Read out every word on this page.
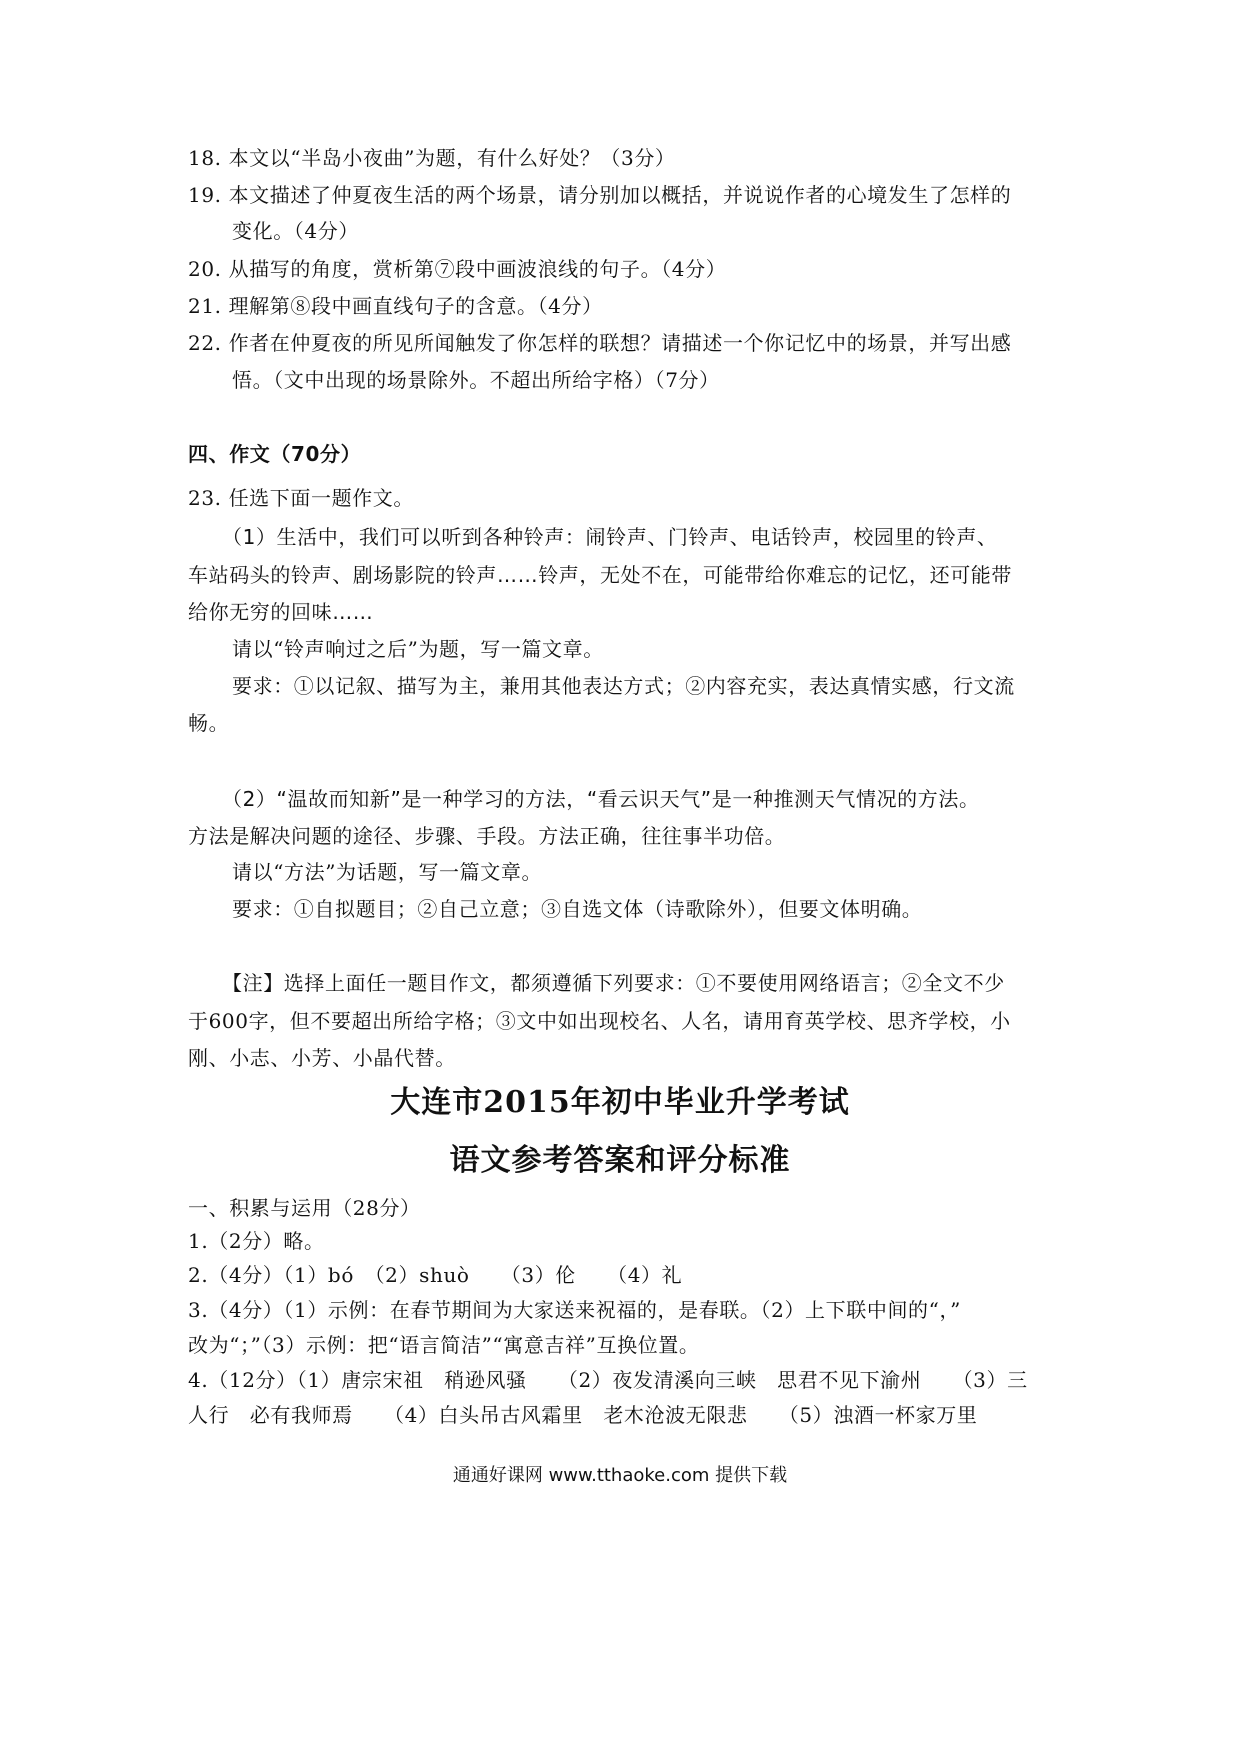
18. 本文以“半岛小夜曲”为题，有什么好处？（3分）
19. 本文描述了仲夏夜生活的两个场景，请分别加以概括，并说说作者的心境发生了怎样的
变化。（4分）
20. 从描写的角度，赏析第⑦段中画波浪线的句子。（4分）
21. 理解第⑧段中画直线句子的含意。（4分）
22. 作者在仲夏夜的所见所闻触发了你怎样的联想？请描述一个你记忆中的场景，并写出感
悟。（文中出现的场景除外。不超出所给字格）（7分）
四、作文（70分）
23. 任选下面一题作文。
（1）生活中，我们可以听到各种铃声：闹铃声、门铃声、电话铃声，校园里的铃声、
车站码头的铃声、剧场影院的铃声……铃声，无处不在，可能带给你难忘的记忆，还可能带
给你无穷的回味……
请以“铃声响过之后”为题，写一篇文章。
要求：①以记叙、描写为主，兼用其他表达方式；②内容充实，表达真情实感，行文流
畅。
（2）“温故而知新”是一种学习的方法，“看云识天气”是一种推测天气情况的方法。
方法是解决问题的途径、步骤、手段。方法正确，往往事半功倍。
请以“方法”为话题，写一篇文章。
要求：①自拟题目；②自己立意；③自选文体（诗歌除外），但要文体明确。
【注】选择上面任一题目作文，都须遵循下列要求：①不要使用网络语言；②全文不少
于600字，但不要超出所给字格；③文中如出现校名、人名，请用育英学校、思齐学校，小
刚、小志、小芳、小晶代替。
大连市2015年初中毕业升学考试
语文参考答案和评分标准
一、积累与运用（28分）
1.（2分）略。
2.（4分）（1）bó　（2）shuò　　（3）伦　　（4）礼
3.（4分）（1）示例：在春节期间为大家送来祝福的，是春联。（2）上下联中间的“，”
改为“；”（3）示例：把“语言简洁”“寓意吉祥”互换位置。
4.（12分）（1）唐宗宋祖　稍逊风骚　　（2）夜发清溪向三峡　思君不见下渝州　　（3）三
人行　必有我师焉　　（4）白头吊古风霜里　老木沧波无限悲　　（5）浊酒一杯家万里
通通好课网 www.tthaoke.com 提供下载
